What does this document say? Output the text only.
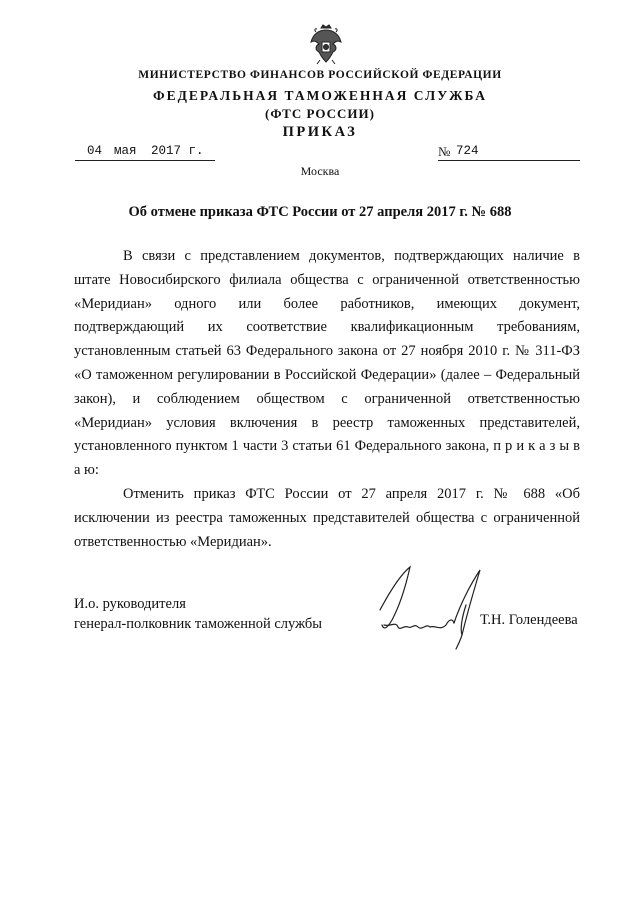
МИНИСТЕРСТВО ФИНАНСОВ РОССИЙСКОЙ ФЕДЕРАЦИИ
ФЕДЕРАЛЬНАЯ ТАМОЖЕННАЯ СЛУЖБА
(ФТС РОССИИ)
ПРИКАЗ
04 мая 2017 г.	№ 724
Москва
Об отмене приказа ФТС России от 27 апреля 2017 г. № 688

В связи с представлением документов, подтверждающих наличие в штате Новосибирского филиала общества с ограниченной ответственностью «Меридиан» одного или более работников, имеющих документ, подтверждающий их соответствие квалификационным требованиям, установленным статьей 63 Федерального закона от 27 ноября 2010 г. № 311-ФЗ «О таможенном регулировании в Российской Федерации» (далее – Федеральный закон), и соблюдением обществом с ограниченной ответственностью «Меридиан» условия включения в реестр таможенных представителей, установленного пунктом 1 части 3 статьи 61 Федерального закона, п р и к а з ы в а ю:

Отменить приказ ФТС России от 27 апреля 2017 г. № 688 «Об исключении из реестра таможенных представителей общества с ограниченной ответственностью «Меридиан».

И.о. руководителя
генерал-полковник таможенной службы	Т.Н. Голендеева
